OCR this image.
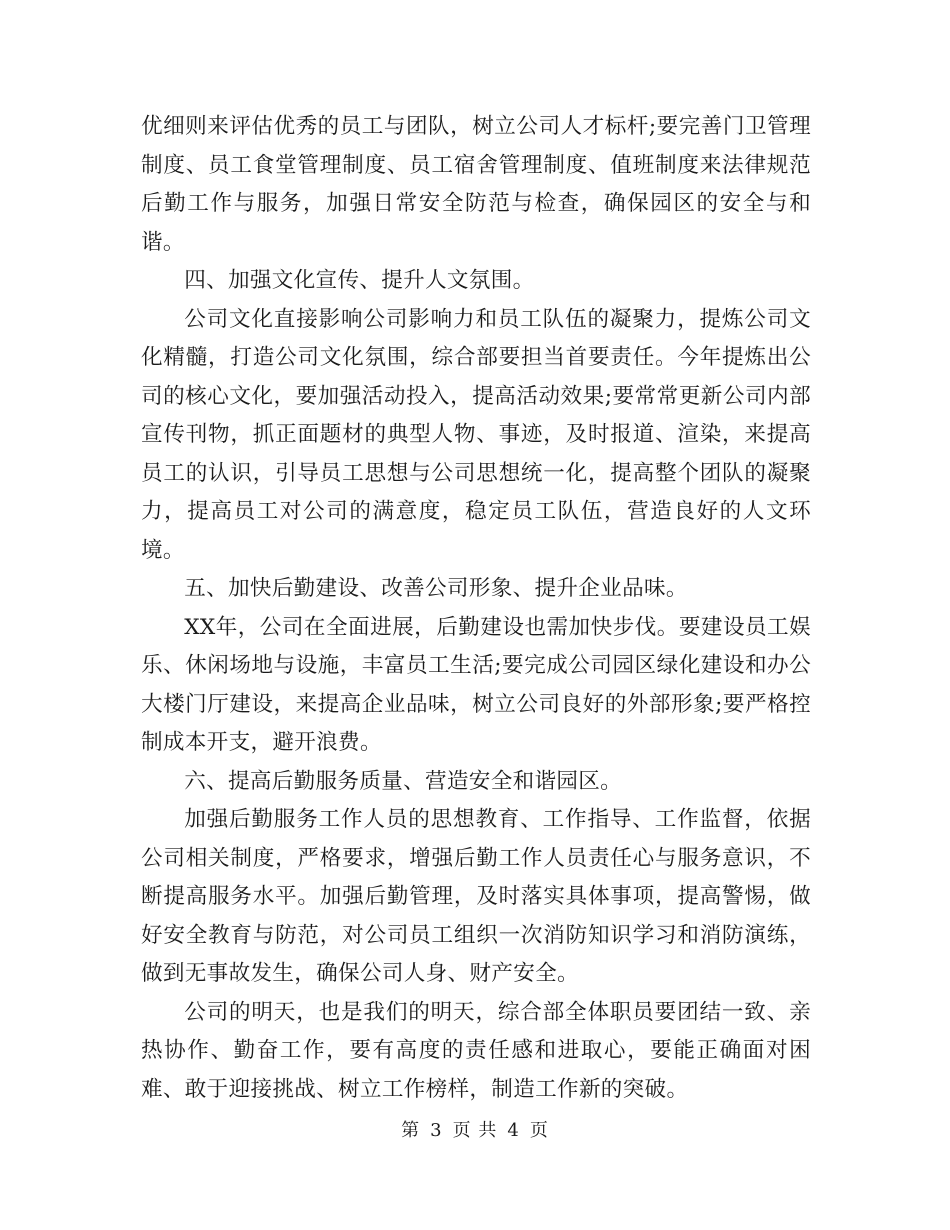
优细则来评估优秀的员工与团队，树立公司人才标杆;要完善门卫管理制度、员工食堂管理制度、员工宿舍管理制度、值班制度来法律规范后勤工作与服务，加强日常安全防范与检查，确保园区的安全与和谐。

四、加强文化宣传、提升人文氛围。

公司文化直接影响公司影响力和员工队伍的凝聚力，提炼公司文化精髓，打造公司文化氛围，综合部要担当首要责任。今年提炼出公司的核心文化，要加强活动投入，提高活动效果;要常常更新公司内部宣传刊物，抓正面题材的典型人物、事迹，及时报道、渲染，来提高员工的认识，引导员工思想与公司思想统一化，提高整个团队的凝聚力，提高员工对公司的满意度，稳定员工队伍，营造良好的人文环境。

五、加快后勤建设、改善公司形象、提升企业品味。

XX年，公司在全面进展，后勤建设也需加快步伐。要建设员工娱乐、休闲场地与设施，丰富员工生活;要完成公司园区绿化建设和办公大楼门厅建设，来提高企业品味，树立公司良好的外部形象;要严格控制成本开支，避开浪费。

六、提高后勤服务质量、营造安全和谐园区。

加强后勤服务工作人员的思想教育、工作指导、工作监督，依据公司相关制度，严格要求，增强后勤工作人员责任心与服务意识，不断提高服务水平。加强后勤管理，及时落实具体事项，提高警惕，做好安全教育与防范，对公司员工组织一次消防知识学习和消防演练，做到无事故发生，确保公司人身、财产安全。

公司的明天，也是我们的明天，综合部全体职员要团结一致、亲热协作、勤奋工作，要有高度的责任感和进取心，要能正确面对困难、敢于迎接挑战、树立工作榜样，制造工作新的突破。

第 3 页 共 4 页
